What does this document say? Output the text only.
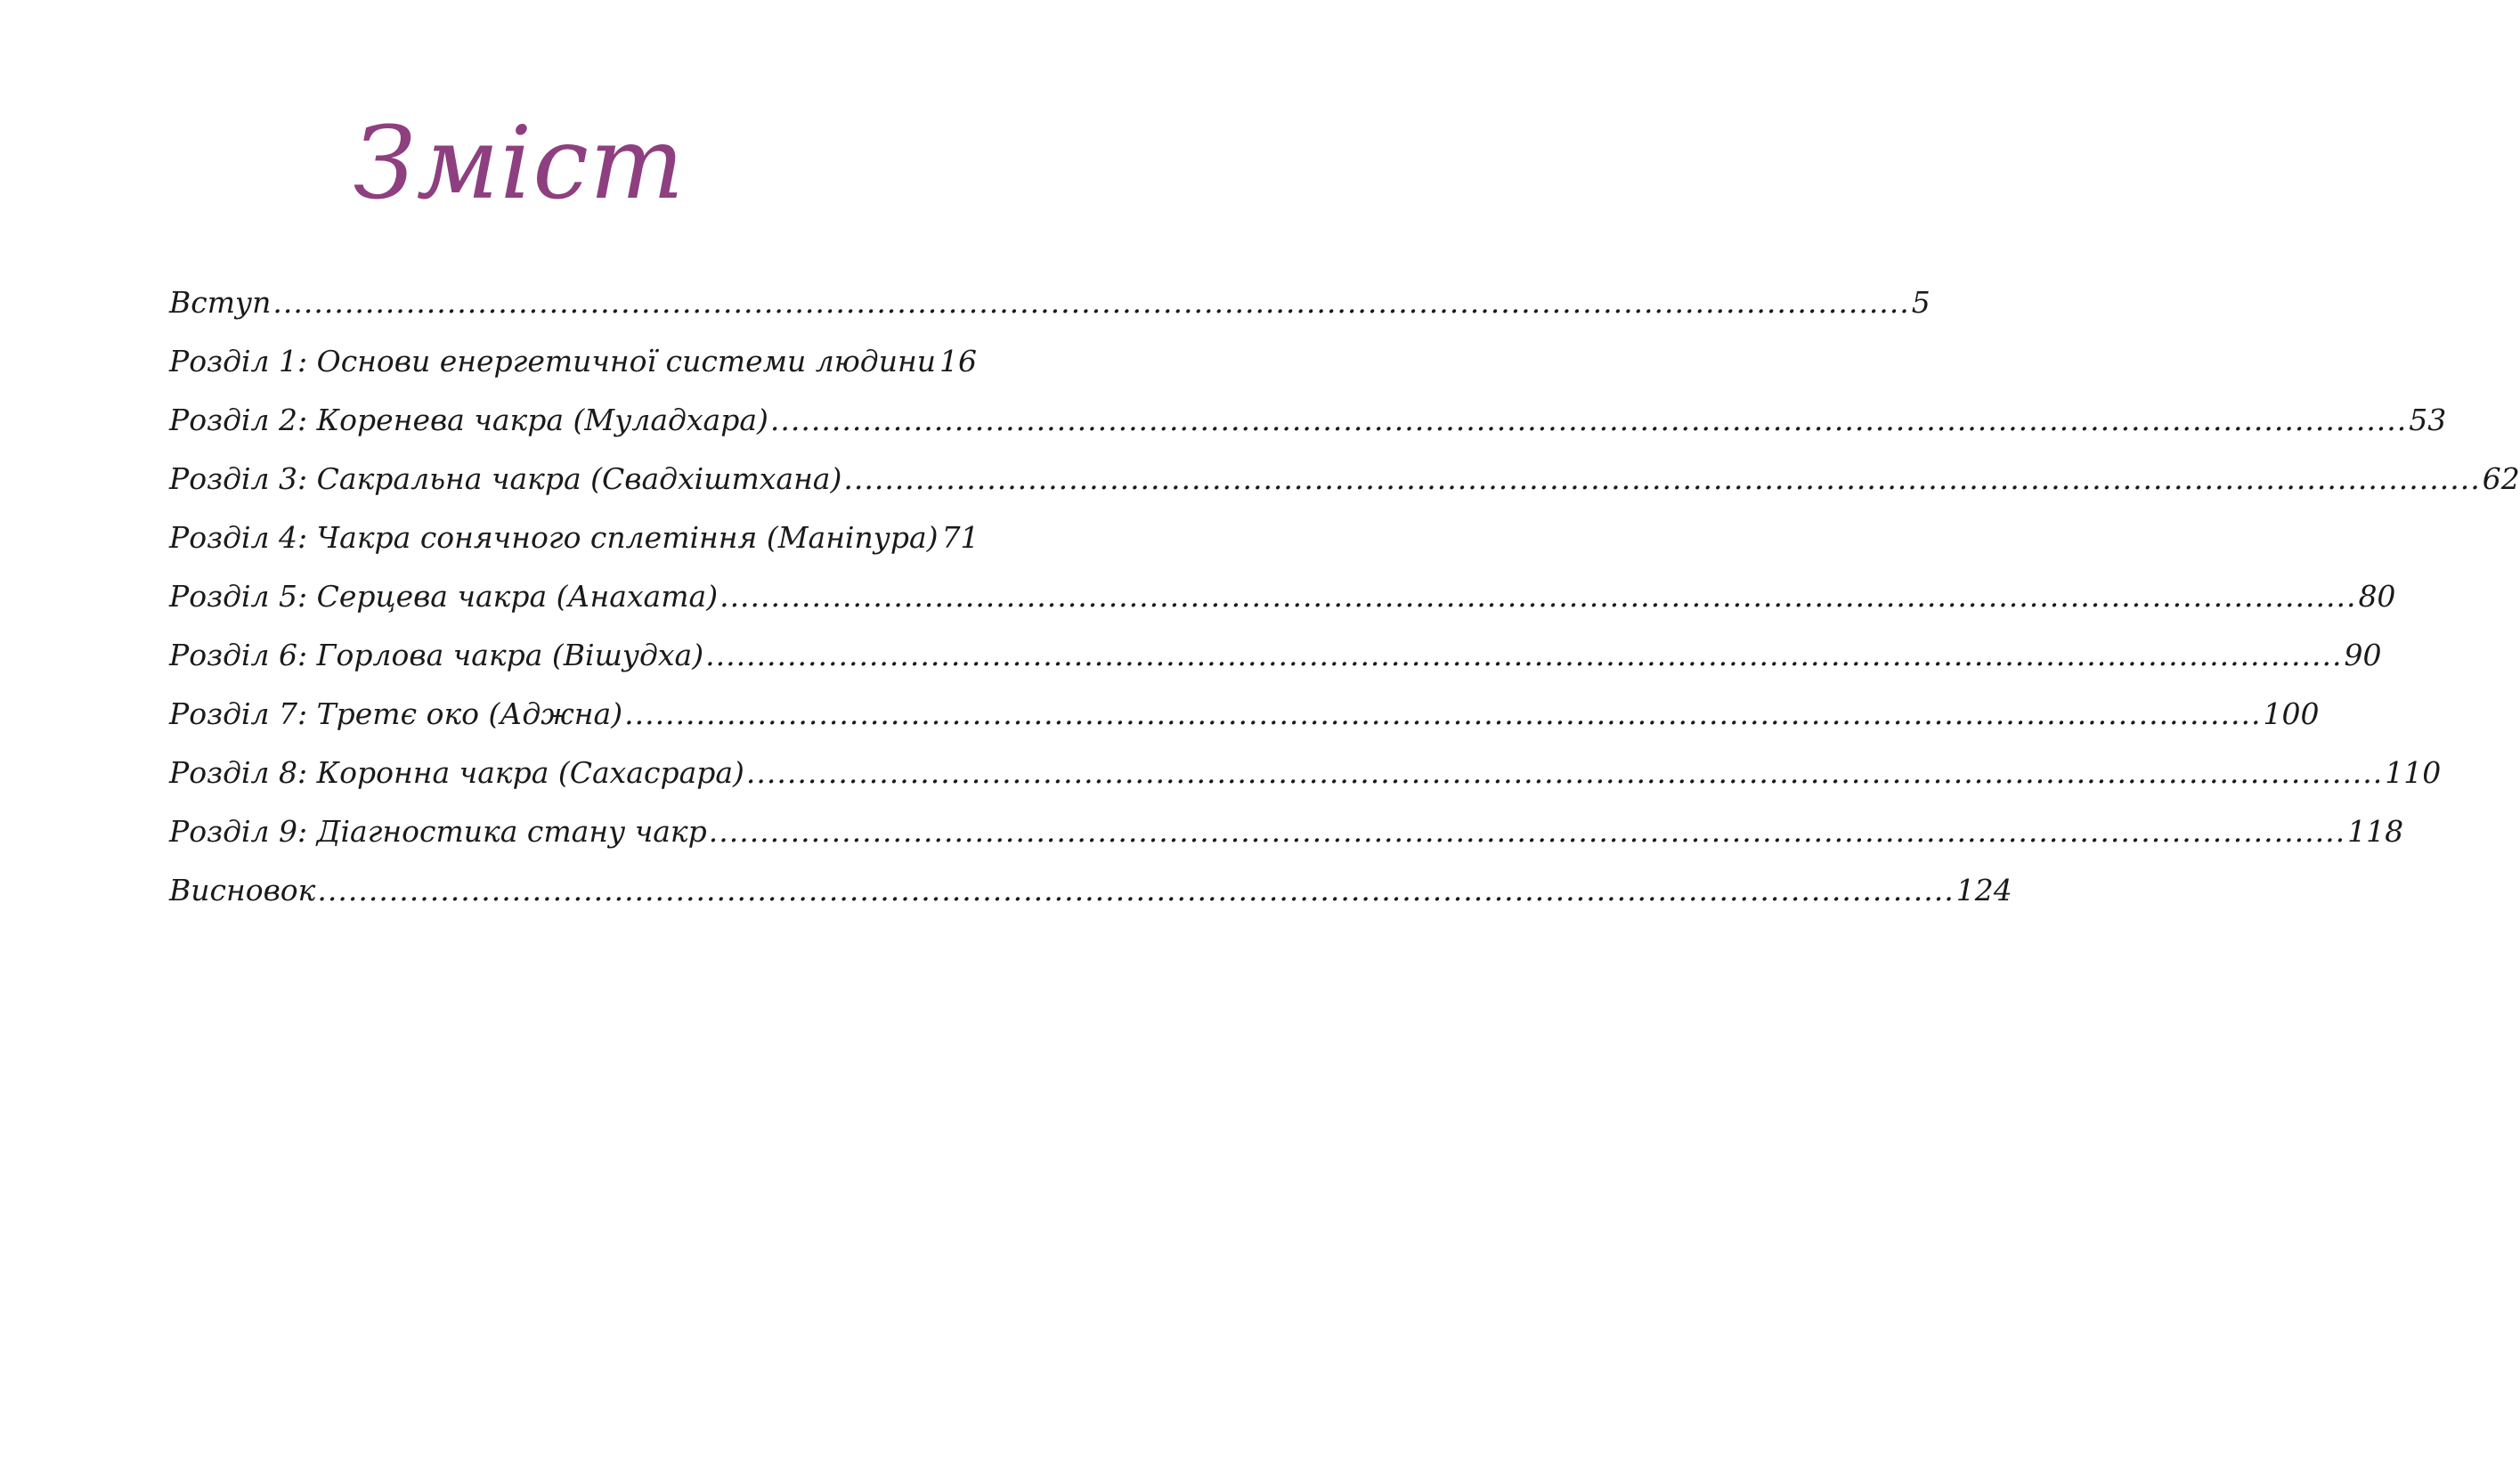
Зміст
Вступ .....	5
Розділ 1: Основи енергетичної системи людини 16
Розділ 2: Коренева чакра (Муладхара) .....	53
Розділ 3: Сакральна чакра (Свадхіштхана) .....	62
Розділ 4: Чакра сонячного сплетіння (Маніпура) 71
Розділ 5: Серцева чакра (Анахата) .....	80
Розділ 6: Горлова чакра (Вішудха) .....	90
Розділ 7: Третє око (Аджна) .....	100
Розділ 8: Коронна чакра (Сахасрара) .....	110
Розділ 9: Діагностика стану чакр .....	118
Висновок .....	124
